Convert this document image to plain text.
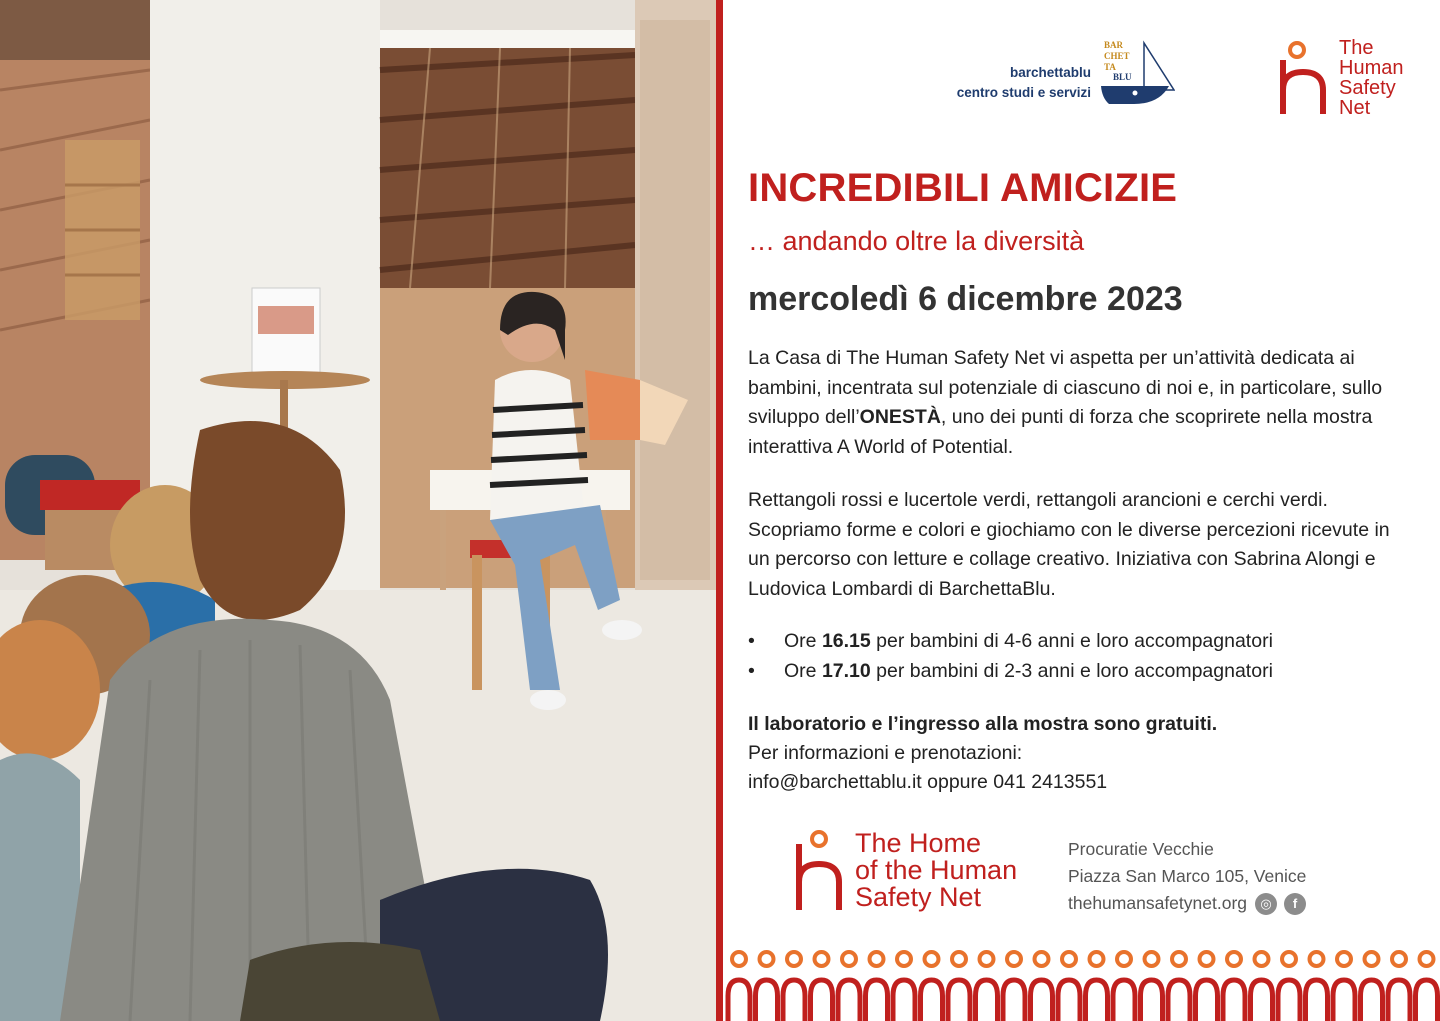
barchettablu
centro studi e servizi
BAR
CHET
TA
BLU
The
Human
Safety
Net
INCREDIBILI AMICIZIE
… andando oltre la diversità
mercoledì 6 dicembre 2023

La Casa di The Human Safety Net vi aspetta per un’attività dedicata ai bambini, incentrata sul potenziale di ciascuno di noi e, in particolare, sullo sviluppo dell’ONESTÀ, uno dei punti di forza che scoprirete nella mostra interattiva A World of Potential.

Rettangoli rossi e lucertole verdi, rettangoli arancioni e cerchi verdi. Scopriamo forme e colori e giochiamo con le diverse percezioni ricevute in un percorso con letture e collage creativo. Iniziativa con Sabrina Alongi e Ludovica Lombardi di BarchettaBlu.

• Ore 16.15 per bambini di 4-6 anni e loro accompagnatori
• Ore 17.10 per bambini di 2-3 anni e loro accompagnatori
Il laboratorio e l’ingresso alla mostra sono gratuiti.
Per informazioni e prenotazioni:
info@barchettablu.it oppure 041 2413551
The Home
of the Human
Safety Net
Procuratie Vecchie
Piazza San Marco 105, Venice
thehumansafetynet.org	◎	f
